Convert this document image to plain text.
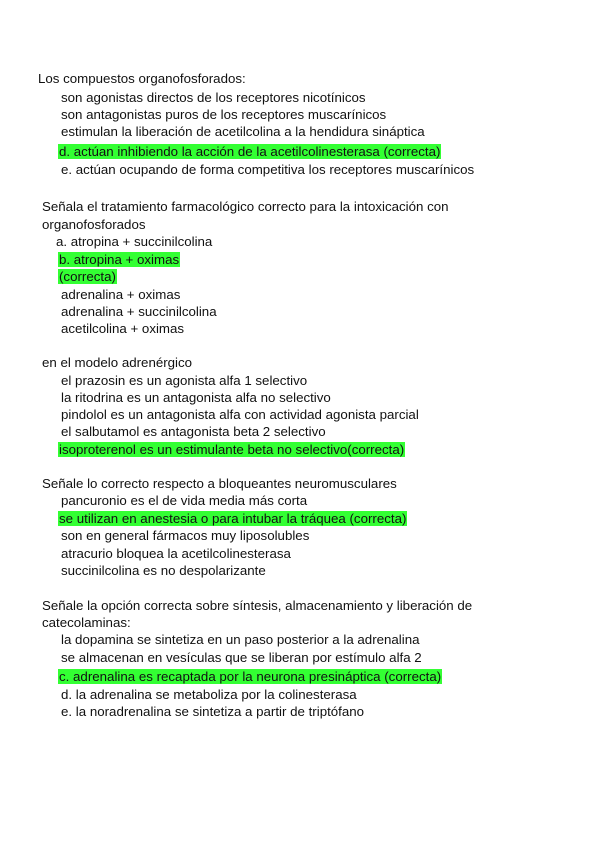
Los compuestos organofosforados:
son agonistas directos de los receptores nicotínicos
son antagonistas puros de los receptores muscarínicos
estimulan la liberación de acetilcolina a la hendidura sináptica
d. actúan inhibiendo la acción de la acetilcolinesterasa (correcta)
e. actúan ocupando de forma competitiva los receptores muscarínicos
Señala el tratamiento farmacológico correcto para la intoxicación con
organofosforados
a. atropina + succinilcolina
b. atropina + oximas
(correcta)
adrenalina + oximas
adrenalina + succinilcolina
acetilcolina + oximas
en el modelo adrenérgico
el prazosin es un agonista alfa 1 selectivo
la ritodrina es un antagonista alfa no selectivo
pindolol es un antagonista alfa con actividad agonista parcial
el salbutamol es antagonista beta 2 selectivo
isoproterenol es un estimulante beta no selectivo(correcta)
Señale lo correcto respecto a bloqueantes neuromusculares
pancuronio es el de vida media más corta
se utilizan en anestesia o para intubar la tráquea (correcta)
son en general fármacos muy liposolubles
atracurio bloquea la acetilcolinesterasa
succinilcolina es no despolarizante
Señale la opción correcta sobre síntesis, almacenamiento y liberación de
catecolaminas:
la dopamina se sintetiza en un paso posterior a la adrenalina
se almacenan en vesículas que se liberan por estímulo alfa 2
c. adrenalina es recaptada por la neurona presináptica (correcta)
d. la adrenalina se metaboliza por la colinesterasa
e. la noradrenalina se sintetiza a partir de triptófano
